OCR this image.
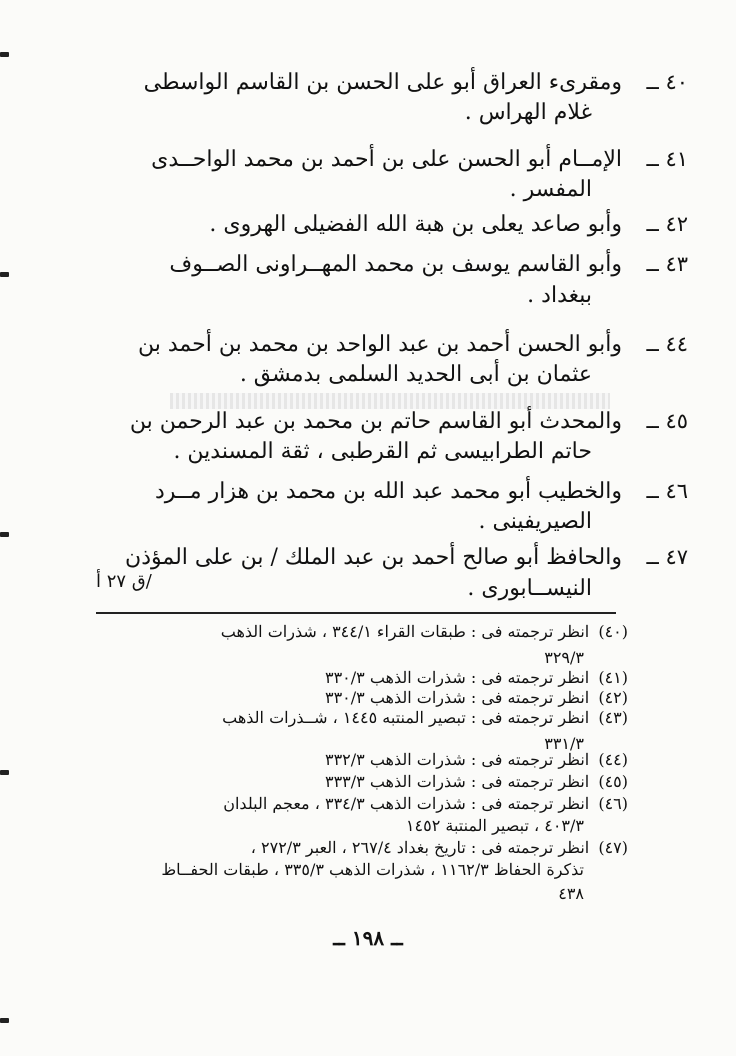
٤٠ ــ
ومقرىء العراق أبو على الحسن بن القاسم الواسطى
غلام الهراس .
٤١ ــ
الإمــام أبو الحسن على بن أحمد بن محمد الواحــدى
المفسر .
٤٢ ــ
وأبو صاعد يعلى بن هبة الله الفضيلى الهروى .
٤٣ ــ
وأبو القاسم يوسف بن محمد المهــراونى الصــوف
ببغداد .
٤٤ ــ
وأبو الحسن أحمد بن عبد الواحد بن محمد بن أحمد بن
عثمان بن أبى الحديد السلمى بدمشق .
٤٥ ــ
والمحدث أبو القاسم حاتم بن محمد بن عبد الرحمن بن
حاتم الطرابيسى ثم القرطبى ، ثقة المسندين .
٤٦ ــ
والخطيب أبو محمد عبد الله بن محمد بن هزار مــرد
الصيريفينى .
٤٧ ــ
والحافظ أبو صالح أحمد بن عبد الملك / بن على المؤذن
النيســابورى .
/ق ٢٧ أ
(٤٠) انظر ترجمته فى : طبقات القراء ٣٤٤/١ ، شذرات الذهب
٣٢٩/٣
(٤١) انظر ترجمته فى : شذرات الذهب ٣٣٠/٣
(٤٢) انظر ترجمته فى : شذرات الذهب ٣٣٠/٣
(٤٣) انظر ترجمته فى : تبصير المنتبه ١٤٤٥ ، شــذرات الذهب
٣٣١/٣
(٤٤) انظر ترجمته فى : شذرات الذهب ٣٣٢/٣
(٤٥) انظر ترجمته فى : شذرات الذهب ٣٣٣/٣
(٤٦) انظر ترجمته فى : شذرات الذهب ٣٣٤/٣ ، معجم البلدان
٤٠٣/٣ ، تبصير المنتبة ١٤٥٢
(٤٧) انظر ترجمته فى : تاريخ بغداد ٢٦٧/٤ ، العبر ٢٧٢/٣ ،
تذكرة الحفاظ ١١٦٢/٣ ، شذرات الذهب ٣٣٥/٣ ، طبقات الحفــاظ
٤٣٨
ــ ١٩٨ ــ
